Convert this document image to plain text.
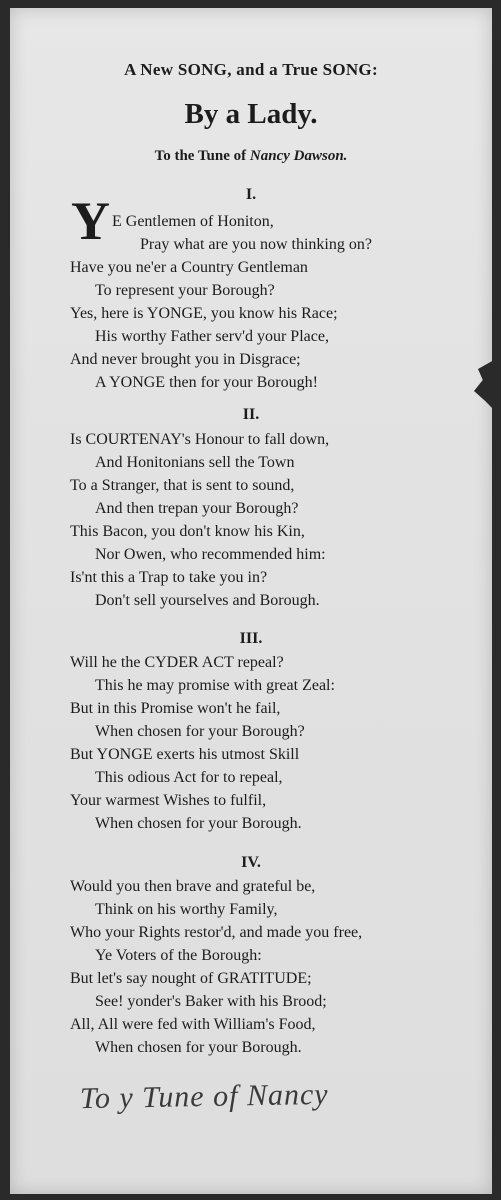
A New SONG, and a True SONG:
By a Lady.
To the Tune of Nancy Dawson.
I.
Y E Gentlemen of Honiton,
Pray what are you now thinking on?
Have you ne'er a Country Gentleman
To represent your Borough?
Yes, here is YONGE, you know his Race;
His worthy Father serv'd your Place,
And never brought you in Disgrace;
A YONGE then for your Borough!
II.
Is COURTENAY's Honour to fall down,
And Honitonians sell the Town
To a Stranger, that is sent to sound,
And then trepan your Borough?
This Bacon, you don't know his Kin,
Nor Owen, who recommended him:
Is'nt this a Trap to take you in?
Don't sell yourselves and Borough.
III.
Will he the CYDER ACT repeal?
This he may promise with great Zeal:
But in this Promise won't he fail,
When chosen for your Borough?
But YONGE exerts his utmost Skill
This odious Act for to repeal,
Your warmest Wishes to fulfil,
When chosen for your Borough.
IV.
Would you then brave and grateful be,
Think on his worthy Family,
Who your Rights restor'd, and made you free,
Ye Voters of the Borough:
But let's say nought of GRATITUDE;
See! yonder's Baker with his Brood;
All, All were fed with William's Food,
When chosen for your Borough.
To y Tune of Nancy
